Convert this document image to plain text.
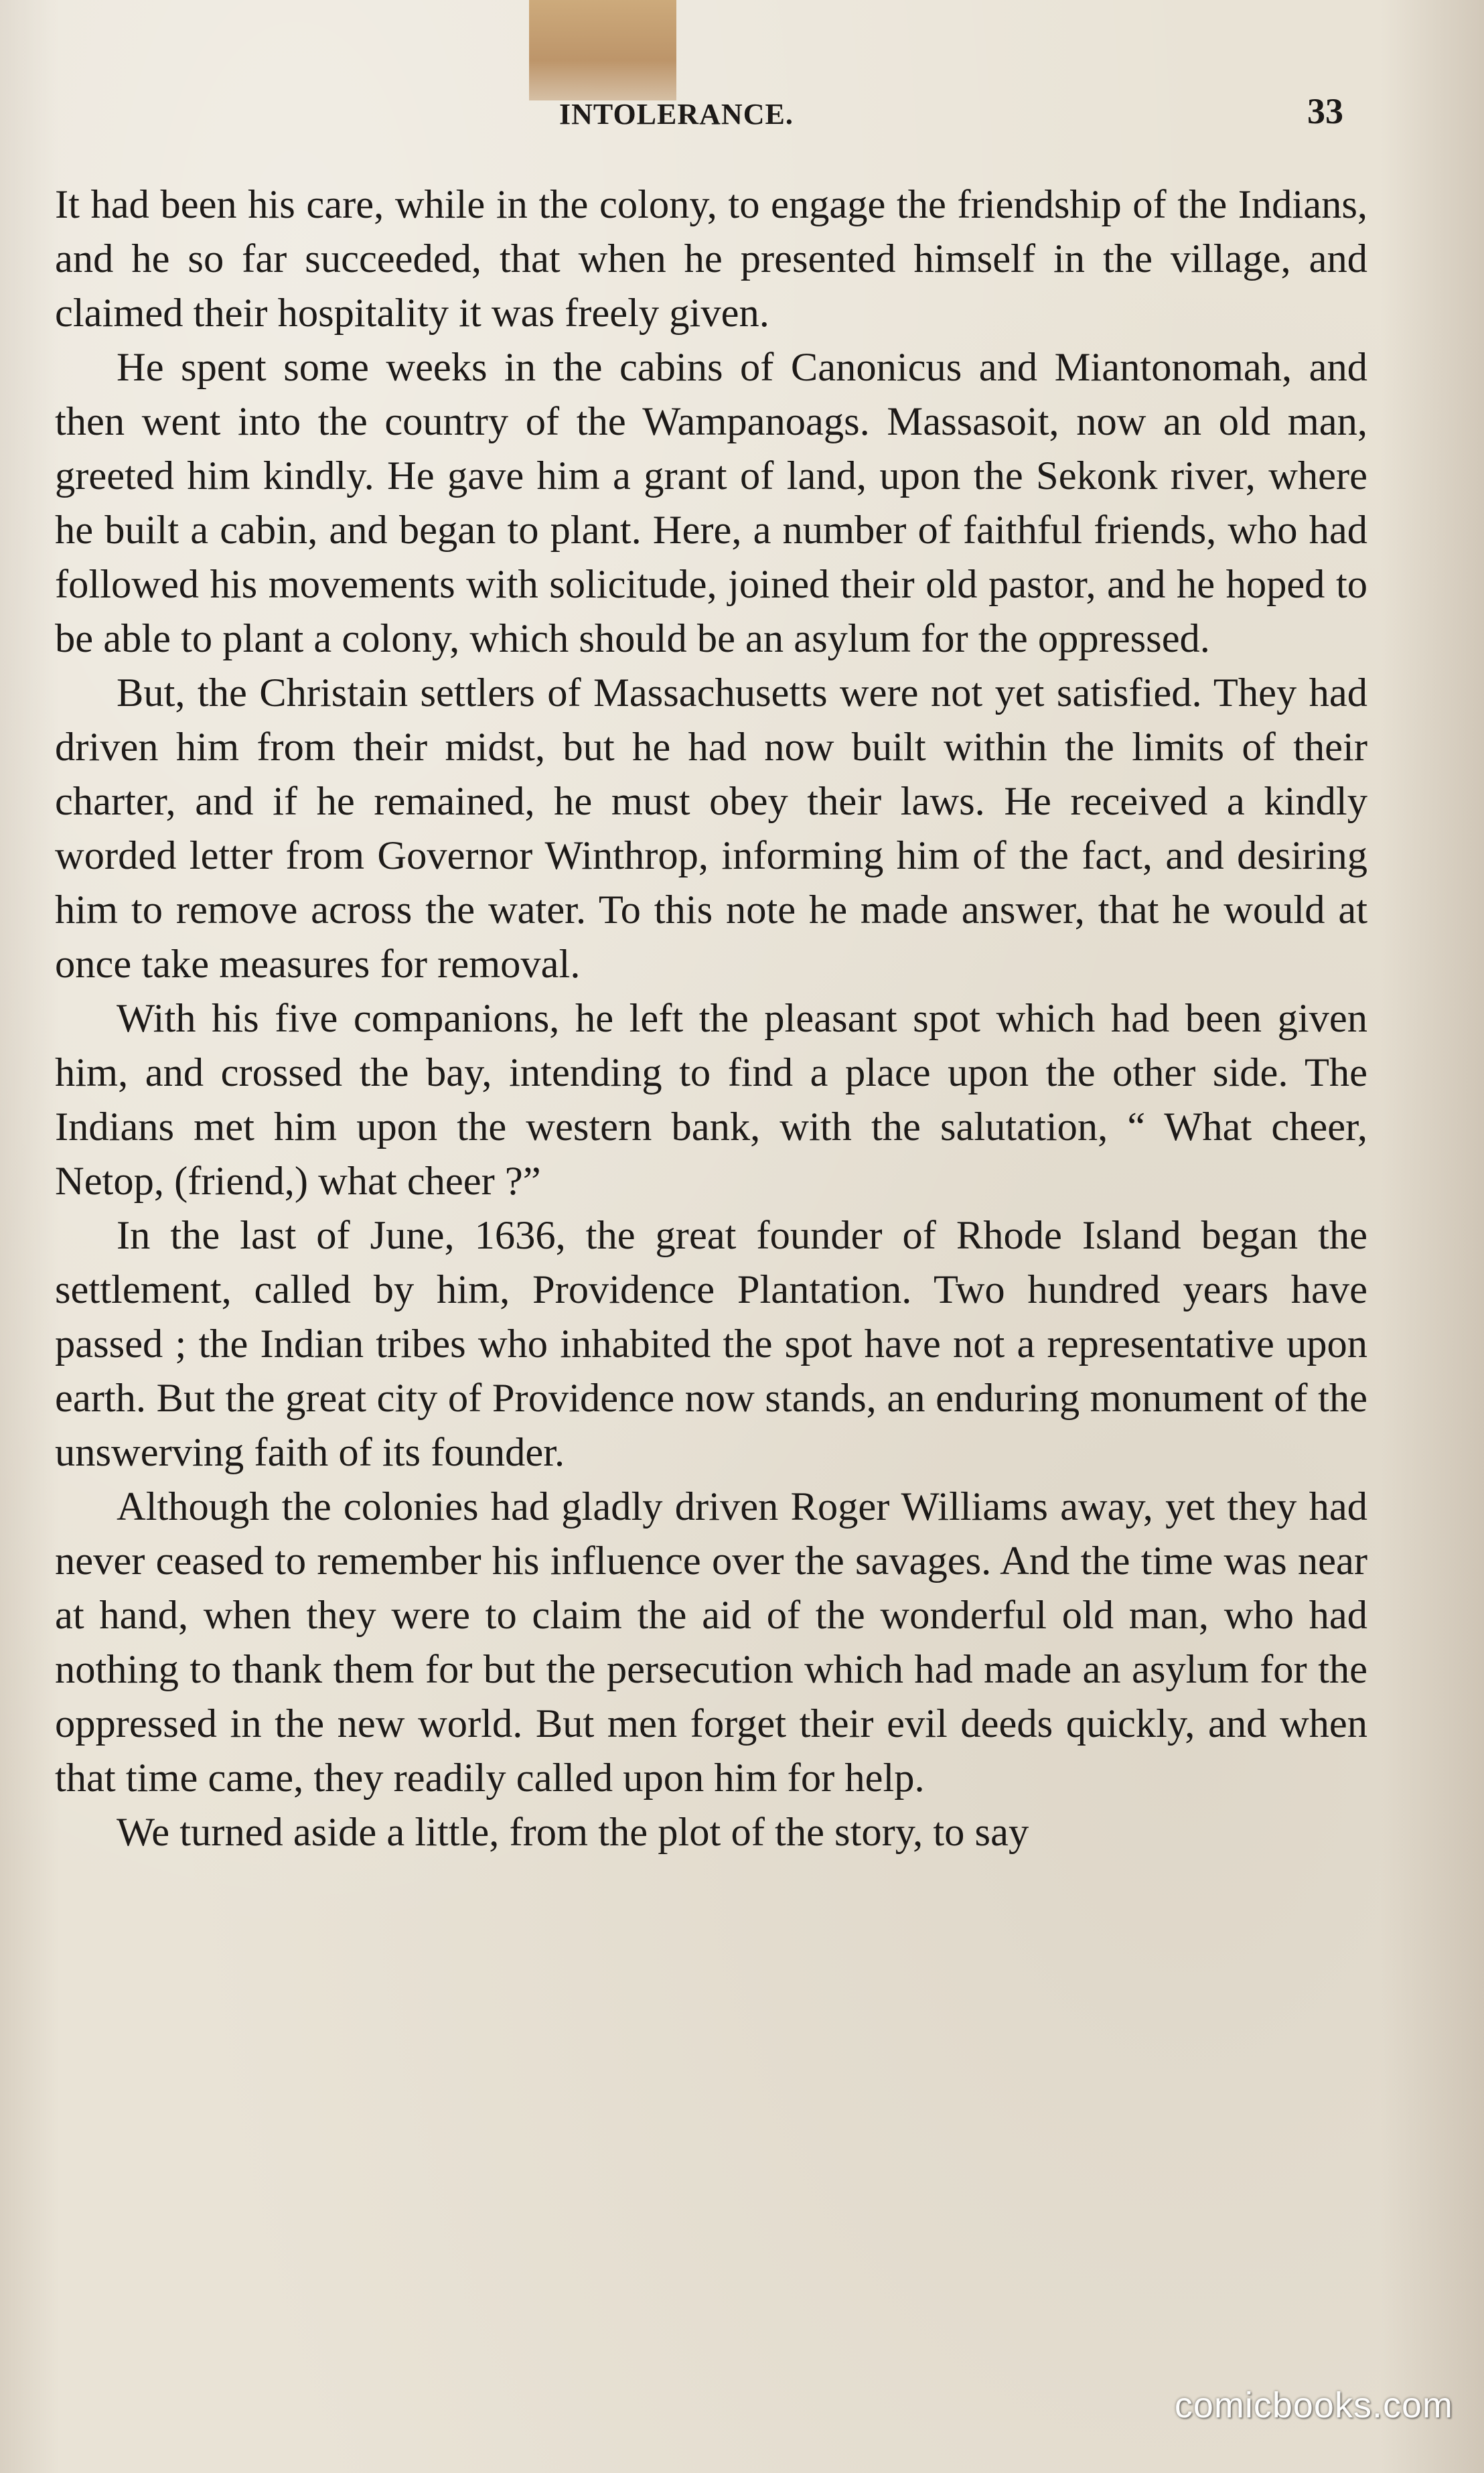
INTOLERANCE.	33

It had been his care, while in the colony, to engage the friendship of the Indians, and he so far succeeded, that when he presented himself in the village, and claimed their hospitality it was freely given.

He spent some weeks in the cabins of Canonicus and Miantonomah, and then went into the country of the Wampanoags. Massasoit, now an old man, greeted him kindly. He gave him a grant of land, upon the Sekonk river, where he built a cabin, and began to plant. Here, a number of faithful friends, who had followed his movements with solicitude, joined their old pastor, and he hoped to be able to plant a colony, which should be an asylum for the oppressed.

But, the Christain settlers of Massachusetts were not yet satisfied. They had driven him from their midst, but he had now built within the limits of their charter, and if he remained, he must obey their laws. He received a kindly worded letter from Governor Winthrop, informing him of the fact, and desiring him to remove across the water. To this note he made answer, that he would at once take measures for removal.

With his five companions, he left the pleasant spot which had been given him, and crossed the bay, intending to find a place upon the other side. The Indians met him upon the western bank, with the salutation, “ What cheer, Netop, (friend,) what cheer ?”

In the last of June, 1636, the great founder of Rhode Island began the settlement, called by him, Providence Plantation. Two hundred years have passed ; the Indian tribes who inhabited the spot have not a representative upon earth. But the great city of Providence now stands, an enduring monument of the unswerving faith of its founder.

Although the colonies had gladly driven Roger Williams away, yet they had never ceased to remember his influence over the savages. And the time was near at hand, when they were to claim the aid of the wonderful old man, who had nothing to thank them for but the persecution which had made an asylum for the oppressed in the new world. But men forget their evil deeds quickly, and when that time came, they readily called upon him for help.

We turned aside a little, from the plot of the story, to say

comicbooks.com
